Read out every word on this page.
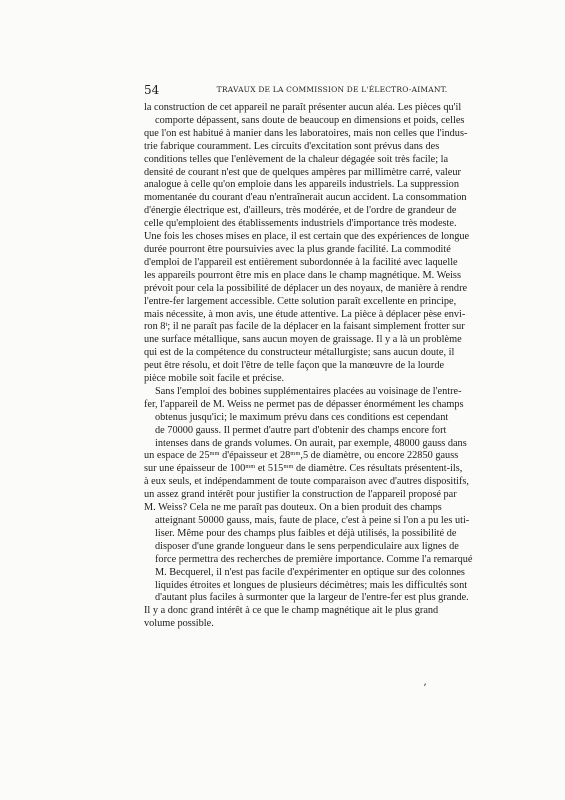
54	TRAVAUX DE LA COMMISSION DE L'ÉLECTRO-AIMANT.
la construction de cet appareil ne paraît présenter aucun aléa. Les pièces qu'il
comporte dépassent, sans doute de beaucoup en dimensions et poids, celles
que l'on est habitué à manier dans les laboratoires, mais non celles que l'indus-
trie fabrique couramment. Les circuits d'excitation sont prévus dans des
conditions telles que l'enlèvement de la chaleur dégagée soit très facile; la
densité de courant n'est que de quelques ampères par millimètre carré, valeur
analogue à celle qu'on emploie dans les appareils industriels. La suppression
momentanée du courant d'eau n'entraînerait aucun accident. La consommation
d'énergie électrique est, d'ailleurs, très modérée, et de l'ordre de grandeur de
celle qu'emploient des établissements industriels d'importance très modeste.
Une fois les choses mises en place, il est certain que des expériences de longue
durée pourront être poursuivies avec la plus grande facilité. La commodité
d'emploi de l'appareil est entièrement subordonnée à la facilité avec laquelle
les appareils pourront être mis en place dans le champ magnétique. M. Weiss
prévoit pour cela la possibilité de déplacer un des noyaux, de manière à rendre
l'entre-fer largement accessible. Cette solution paraît excellente en principe,
mais nécessite, à mon avis, une étude attentive. La pièce à déplacer pèse envi-
ron 8ᵗ; il ne paraît pas facile de la déplacer en la faisant simplement frotter sur
une surface métallique, sans aucun moyen de graissage. Il y a là un problème
qui est de la compétence du constructeur métallurgiste; sans aucun doute, il
peut être résolu, et doit l'être de telle façon que la manœuvre de la lourde
pièce mobile soit facile et précise.
Sans l'emploi des bobines supplémentaires placées au voisinage de l'entre-
fer, l'appareil de M. Weiss ne permet pas de dépasser énormément les champs
obtenus jusqu'ici; le maximum prévu dans ces conditions est cependant
de 70000 gauss. Il permet d'autre part d'obtenir des champs encore fort
intenses dans de grands volumes. On aurait, par exemple, 48000 gauss dans
un espace de 25ᵐᵐ d'épaisseur et 28ᵐᵐ,5 de diamètre, ou encore 22850 gauss
sur une épaisseur de 100ᵐᵐ et 515ᵐᵐ de diamètre. Ces résultats présentent-ils,
à eux seuls, et indépendamment de toute comparaison avec d'autres dispositifs,
un assez grand intérêt pour justifier la construction de l'appareil proposé par
M. Weiss? Cela ne me paraît pas douteux. On a bien produit des champs
atteignant 50000 gauss, mais, faute de place, c'est à peine si l'on a pu les uti-
liser. Même pour des champs plus faibles et déjà utilisés, la possibilité de
disposer d'une grande longueur dans le sens perpendiculaire aux lignes de
force permettra des recherches de première importance. Comme l'a remarqué
M. Becquerel, il n'est pas facile d'expérimenter en optique sur des colonnes
liquides étroites et longues de plusieurs décimètres; mais les difficultés sont
d'autant plus faciles à surmonter que la largeur de l'entre-fer est plus grande.
Il y a donc grand intérêt à ce que le champ magnétique ait le plus grand
volume possible.
ʼ
